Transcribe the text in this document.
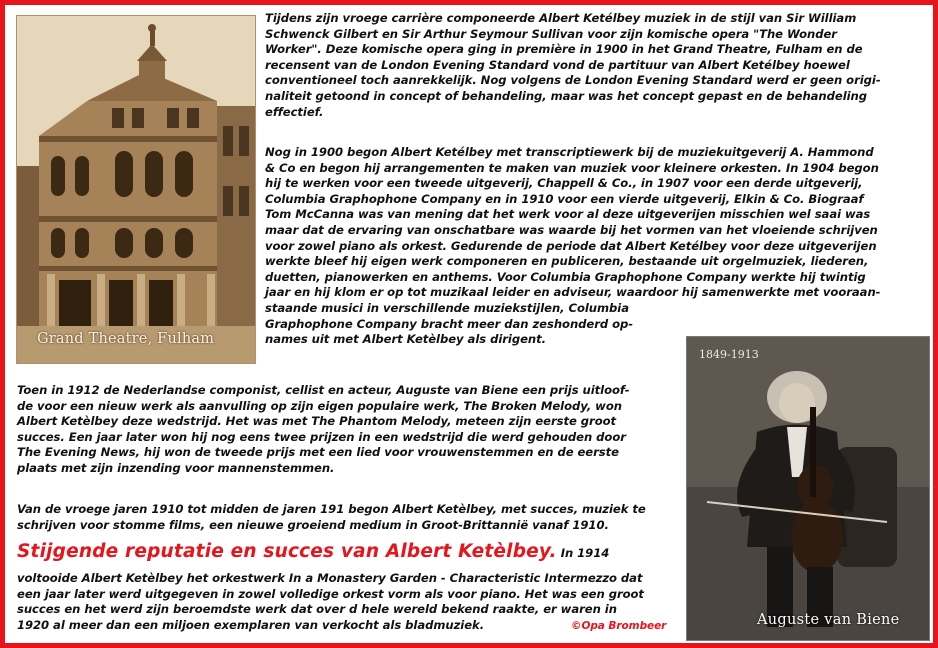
Grand Theatre, Fulham
1849-1913
Auguste van Biene
Tijdens zijn vroege carrière componeerde Albert Ketélbey muziek in de stijl van Sir William
Schwenck Gilbert en Sir Arthur Seymour Sullivan voor zijn komische opera "The Wonder
Worker". Deze komische opera ging in première in 1900 in het Grand Theatre, Fulham en de
recensent van de London Evening Standard vond de partituur van Albert Ketélbey hoewel
conventioneel toch aanrekkelijk. Nog volgens de London Evening Standard werd er geen origi-
naliteit getoond in concept of behandeling, maar was het concept gepast en de behandeling
effectief.
Nog in 1900 begon Albert Ketélbey met transcriptiewerk bij de muziekuitgeverij A. Hammond
& Co en begon hij arrangementen te maken van muziek voor kleinere orkesten. In 1904 begon
hij te werken voor een tweede uitgeverij, Chappell & Co., in 1907 voor een derde uitgeverij,
Columbia Graphophone Company en in 1910 voor een vierde uitgeverij, Elkin & Co. Biograaf
Tom McCanna was van mening dat het werk voor al deze uitgeverijen misschien wel saai was
maar dat de ervaring van onschatbare was waarde bij het vormen van het vloeiende schrijven
voor zowel piano als orkest. Gedurende de periode dat Albert Ketélbey voor deze uitgeverijen
werkte bleef hij eigen werk componeren en publiceren, bestaande uit orgelmuziek, liederen,
duetten, pianowerken en anthems. Voor Columbia Graphophone Company werkte hij twintig
jaar en hij klom er op tot muzikaal leider en adviseur, waardoor hij samenwerkte met vooraan-
staande musici in verschillende muziekstijlen, Columbia
Graphophone Company bracht meer dan zeshonderd op-
names uit met Albert Ketèlbey als dirigent.
Toen in 1912 de Nederlandse componist, cellist en acteur, Auguste van Biene een prijs uitloof-
de voor een nieuw werk als aanvulling op zijn eigen populaire werk, The Broken Melody, won
Albert Ketèlbey deze wedstrijd. Het was met The Phantom Melody, meteen zijn eerste groot
succes. Een jaar later won hij nog eens twee prijzen in een wedstrijd die werd gehouden door
The Evening News, hij won de tweede prijs met een lied voor vrouwenstemmen en de eerste
plaats met zijn inzending voor mannenstemmen.
Van de vroege jaren 1910 tot midden de jaren 191 begon Albert Ketèlbey, met succes, muziek te
schrijven voor stomme films, een nieuwe groeiend medium in Groot-Brittannië vanaf 1910.
Stijgende reputatie en succes van Albert Ketèlbey. In 1914
voltooide Albert Ketèlbey het orkestwerk In a Monastery Garden - Characteristic Intermezzo dat
een jaar later werd uitgegeven in zowel volledige orkest vorm als voor piano. Het was een groot
succes en het werd zijn beroemdste werk dat over d hele wereld bekend raakte, er waren in
1920 al meer dan een miljoen exemplaren van verkocht als bladmuziek.	©Opa Brombeer
